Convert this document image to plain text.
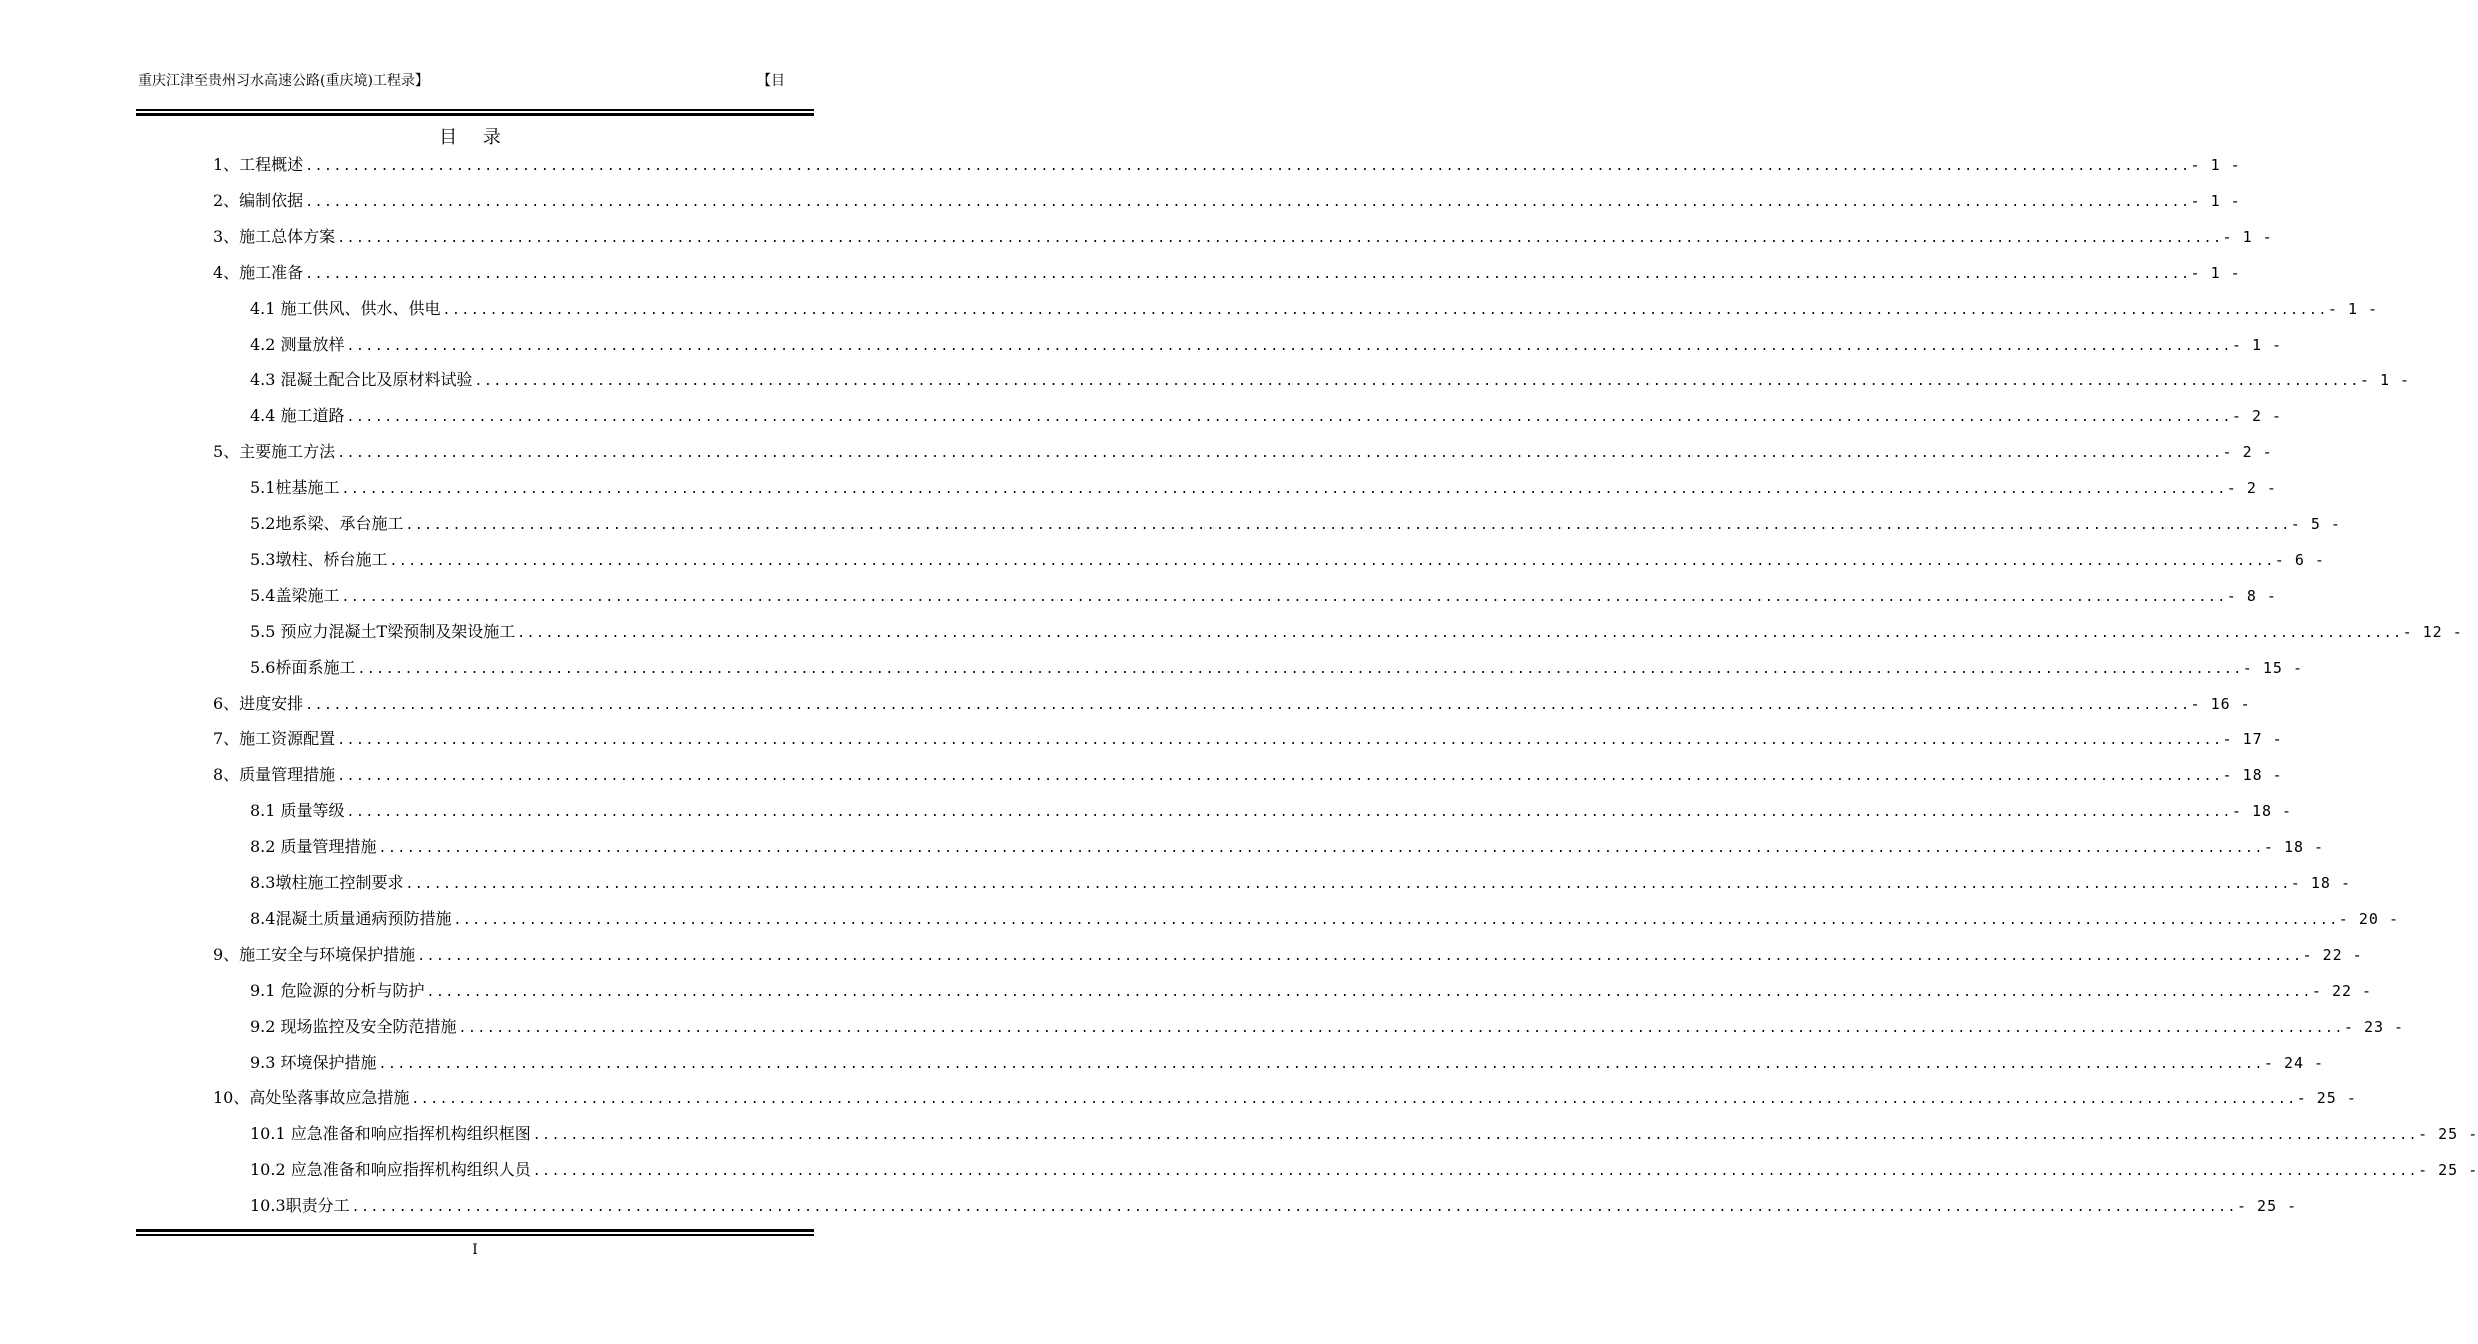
重庆江津至贵州习水高速公路(重庆境)工程录】	【目
目 录
1、工程概述 ........................................................................................................................................................................................................ - 1 -
2、编制依据 ........................................................................................................................................................................................................ - 1 -
3、施工总体方案 ........................................................................................................................................................................................................ - 1 -
4、施工准备 ........................................................................................................................................................................................................ - 1 -
4.1 施工供风、供水、供电 ........................................................................................................................................................................................................ - 1 -
4.2 测量放样 ........................................................................................................................................................................................................ - 1 -
4.3 混凝土配合比及原材料试验 ........................................................................................................................................................................................................ - 1 -
4.4 施工道路 ........................................................................................................................................................................................................ - 2 -
5、主要施工方法 ........................................................................................................................................................................................................ - 2 -
5.1桩基施工 ........................................................................................................................................................................................................ - 2 -
5.2地系梁、承台施工 ........................................................................................................................................................................................................ - 5 -
5.3墩柱、桥台施工 ........................................................................................................................................................................................................ - 6 -
5.4盖梁施工 ........................................................................................................................................................................................................ - 8 -
5.5 预应力混凝土T梁预制及架设施工 ........................................................................................................................................................................................................ - 12 -
5.6桥面系施工 ........................................................................................................................................................................................................ - 15 -
6、进度安排 ........................................................................................................................................................................................................ - 16 -
7、施工资源配置 ........................................................................................................................................................................................................ - 17 -
8、质量管理措施 ........................................................................................................................................................................................................ - 18 -
8.1 质量等级 ........................................................................................................................................................................................................ - 18 -
8.2 质量管理措施 ........................................................................................................................................................................................................ - 18 -
8.3墩柱施工控制要求 ........................................................................................................................................................................................................ - 18 -
8.4混凝土质量通病预防措施 ........................................................................................................................................................................................................ - 20 -
9、施工安全与环境保护措施 ........................................................................................................................................................................................................ - 22 -
9.1 危险源的分析与防护 ........................................................................................................................................................................................................ - 22 -
9.2 现场监控及安全防范措施 ........................................................................................................................................................................................................ - 23 -
9.3 环境保护措施 ........................................................................................................................................................................................................ - 24 -
10、高处坠落事故应急措施 ........................................................................................................................................................................................................ - 25 -
10.1 应急准备和响应指挥机构组织框图 ........................................................................................................................................................................................................ - 25 -
10.2 应急准备和响应指挥机构组织人员 ........................................................................................................................................................................................................ - 25 -
10.3职责分工 ........................................................................................................................................................................................................ - 25 -
I
